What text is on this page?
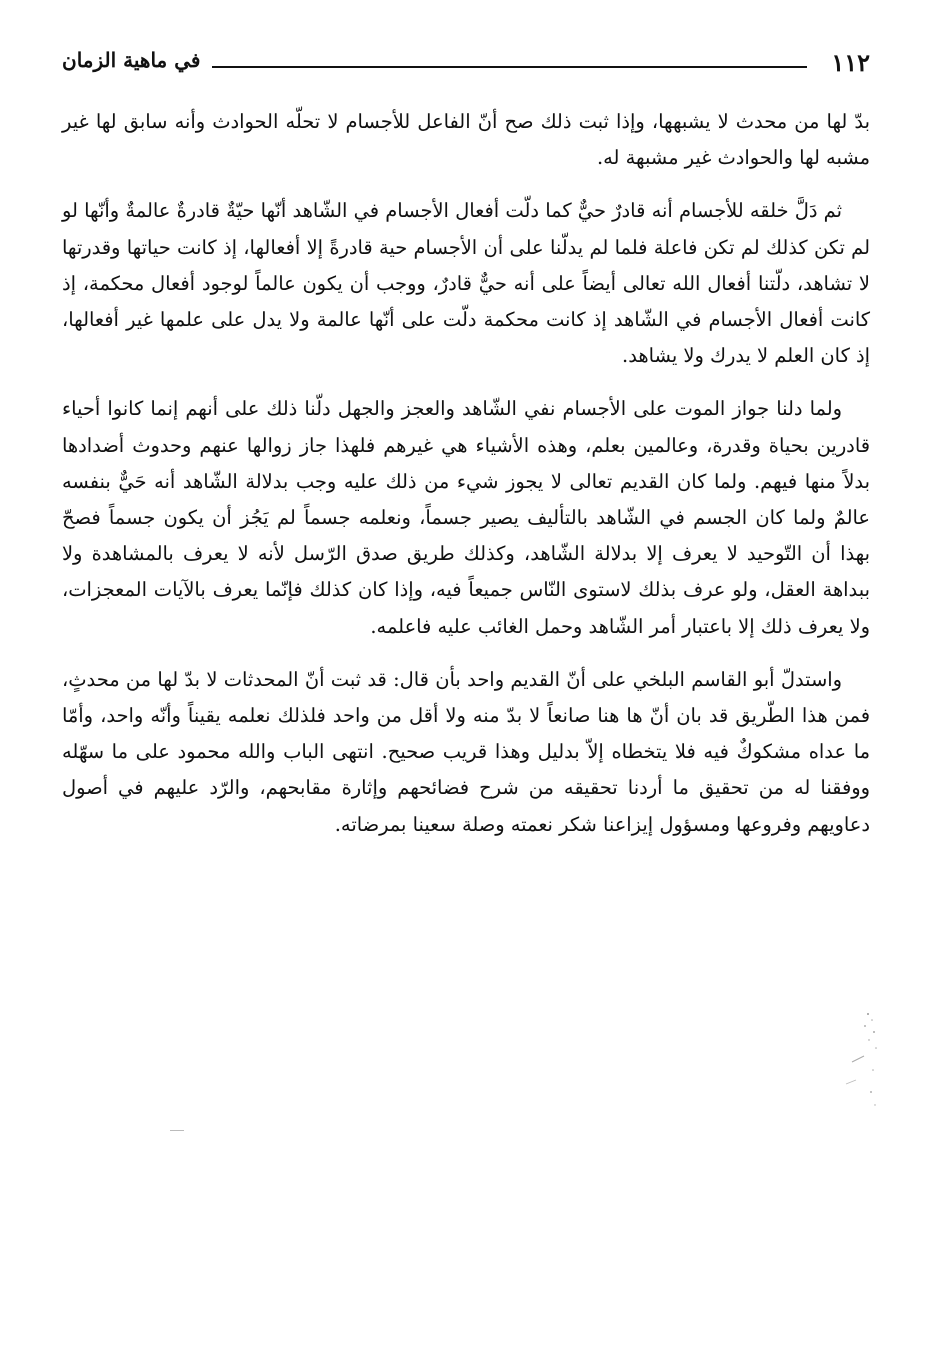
١١٢
في ماهية الزمان

بدّ لها من محدث لا يشبهها، وإذا ثبت ذلك صح أنّ الفاعل للأجسام لا تحلّه الحوادث وأنه سابق لها غير مشبه لها والحوادث غير مشبهة له.

ثم دَلَّ خلقه للأجسام أنه قادرٌ حيٌّ كما دلّت أفعال الأجسام في الشّاهد أنّها حيّةٌ قادرةٌ عالمةٌ وأنّها لو لم تكن كذلك لم تكن فاعلة فلما لم يدلّنا على أن الأجسام حية قادرةً إلا أفعالها، إذ كانت حياتها وقدرتها لا تشاهد، دلّتنا أفعال الله تعالى أيضاً على أنه حيٌّ قادرٌ، ووجب أن يكون عالماً لوجود أفعال محكمة، إذ كانت أفعال الأجسام في الشّاهد إذ كانت محكمة دلّت على أنّها عالمة ولا يدل على علمها غير أفعالها، إذ كان العلم لا يدرك ولا يشاهد.

ولما دلنا جواز الموت على الأجسام نفي الشّاهد والعجز والجهل دلّنا ذلك على أنهم إنما كانوا أحياء قادرين بحياة وقدرة، وعالمين بعلم، وهذه الأشياء هي غيرهم فلهذا جاز زوالها عنهم وحدوث أضدادها بدلاً منها فيهم. ولما كان القديم تعالى لا يجوز شيء من ذلك عليه وجب بدلالة الشّاهد أنه حَيٌّ بنفسه عالمٌ ولما كان الجسم في الشّاهد بالتأليف يصير جسماً، ونعلمه جسماً لم يَجُز أن يكون جسماً فصحّ بهذا أن التّوحيد لا يعرف إلا بدلالة الشّاهد، وكذلك طريق صدق الرّسل لأنه لا يعرف بالمشاهدة ولا ببداهة العقل، ولو عرف بذلك لاستوى النّاس جميعاً فيه، وإذا كان كذلك فإنّما يعرف بالآيات المعجزات، ولا يعرف ذلك إلا باعتبار أمر الشّاهد وحمل الغائب عليه فاعلمه.

واستدلّ أبو القاسم البلخي على أنّ القديم واحد بأن قال: قد ثبت أنّ المحدثات لا بدّ لها من محدثٍ، فمن هذا الطّريق قد بان أنّ ها هنا صانعاً لا بدّ منه ولا أقل من واحد فلذلك نعلمه يقيناً وأنّه واحد، وأمّا ما عداه مشكوكٌ فيه فلا يتخطاه إلاّ بدليل وهذا قريب صحيح. انتهى الباب والله محمود على ما سهّله ووفقنا له من تحقيق ما أردنا تحقيقه من شرح فضائحهم وإثارة مقابحهم، والرّد عليهم في أصول دعاويهم وفروعها ومسؤول إيزاعنا شكر نعمته وصلة سعينا بمرضاته.
